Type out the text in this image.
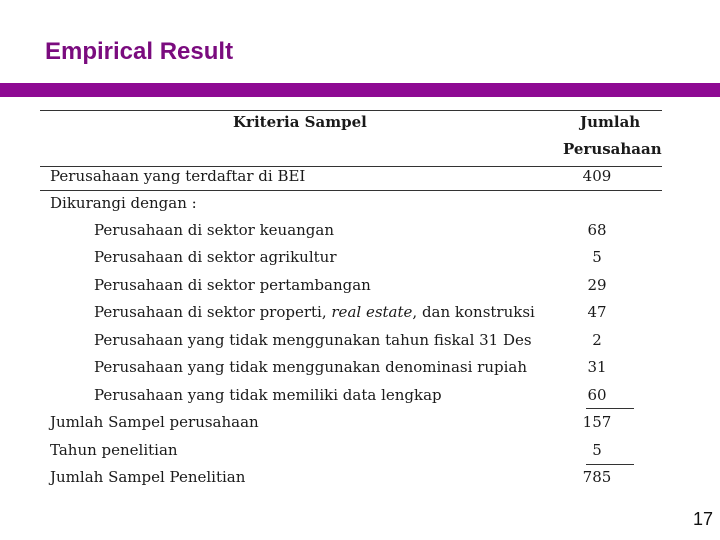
Empirical Result
Kriteria Sampel	Jumlah
Perusahaan
Perusahaan yang terdaftar di BEI	409
Dikurangi dengan :
Perusahaan di sektor keuangan	68
Perusahaan di sektor agrikultur	5
Perusahaan di sektor pertambangan	29
Perusahaan di sektor properti, real estate, dan konstruksi	47
Perusahaan yang tidak menggunakan tahun fiskal 31 Des	2
Perusahaan yang tidak menggunakan denominasi rupiah	31
Perusahaan yang tidak memiliki data lengkap	60
Jumlah Sampel perusahaan	157
Tahun penelitian	5
Jumlah Sampel Penelitian	785
17
